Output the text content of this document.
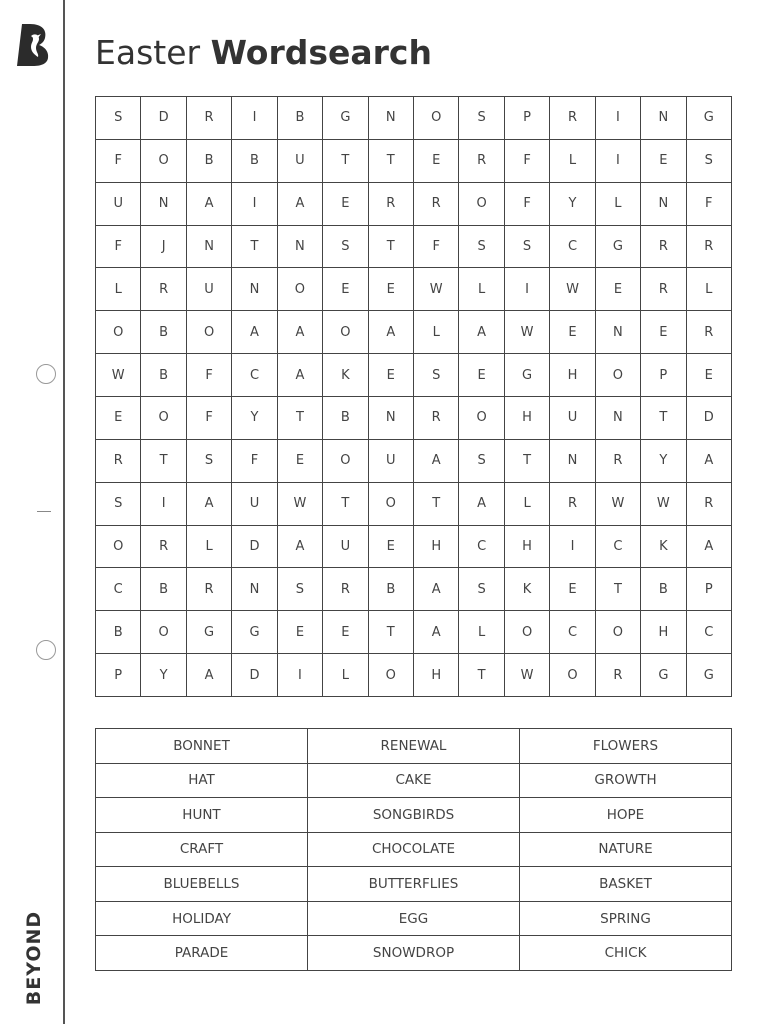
BEYOND
Easter Wordsearch
S	D	R	I	B	G	N	O	S	P	R	I	N	G
F	O	B	B	U	T	T	E	R	F	L	I	E	S
U	N	A	I	A	E	R	R	O	F	Y	L	N	F
F	J	N	T	N	S	T	F	S	S	C	G	R	R
L	R	U	N	O	E	E	W	L	I	W	E	R	L
O	B	O	A	A	O	A	L	A	W	E	N	E	R
W	B	F	C	A	K	E	S	E	G	H	O	P	E
E	O	F	Y	T	B	N	R	O	H	U	N	T	D
R	T	S	F	E	O	U	A	S	T	N	R	Y	A
S	I	A	U	W	T	O	T	A	L	R	W	W	R
O	R	L	D	A	U	E	H	C	H	I	C	K	A
C	B	R	N	S	R	B	A	S	K	E	T	B	P
B	O	G	G	E	E	T	A	L	O	C	O	H	C
P	Y	A	D	I	L	O	H	T	W	O	R	G	G
BONNET	RENEWAL	FLOWERS
HAT	CAKE	GROWTH
HUNT	SONGBIRDS	HOPE
CRAFT	CHOCOLATE	NATURE
BLUEBELLS	BUTTERFLIES	BASKET
HOLIDAY	EGG	SPRING
PARADE	SNOWDROP	CHICK
